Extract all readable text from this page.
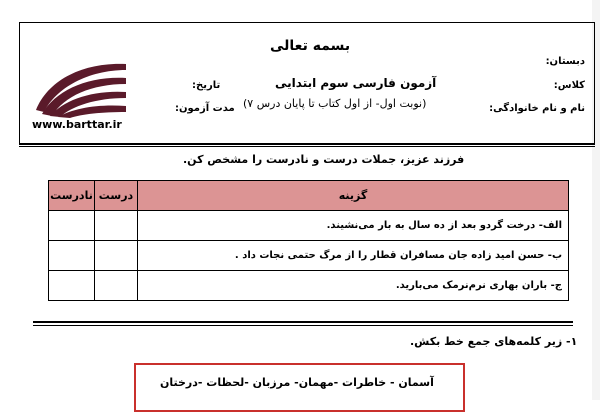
بسمه تعالی
دبستان:
کلاس:
نام و نام خانوادگی:
تاریخ:
مدت آزمون:
آزمون فارسی سوم ابتدایی
(نوبت اول- از اول کتاب تا پایان درس ۷)
www.barttar.ir
فرزند عزیز، جملات درست و نادرست را مشخص کن.
نادرست	درست	گزینه
		الف- درخت گردو بعد از ده سال به بار می‌نشیند.
		ب- حسن امید زاده جان مسافران قطار را از مرگ حتمی نجات داد .
		ج- باران بهاری نرم‌نرمک می‌بارید.
۱- زیر کلمه‌های جمع خط بکش.
آسمان - خاطرات -مهمان- مرزبان -لحظات -درختان
